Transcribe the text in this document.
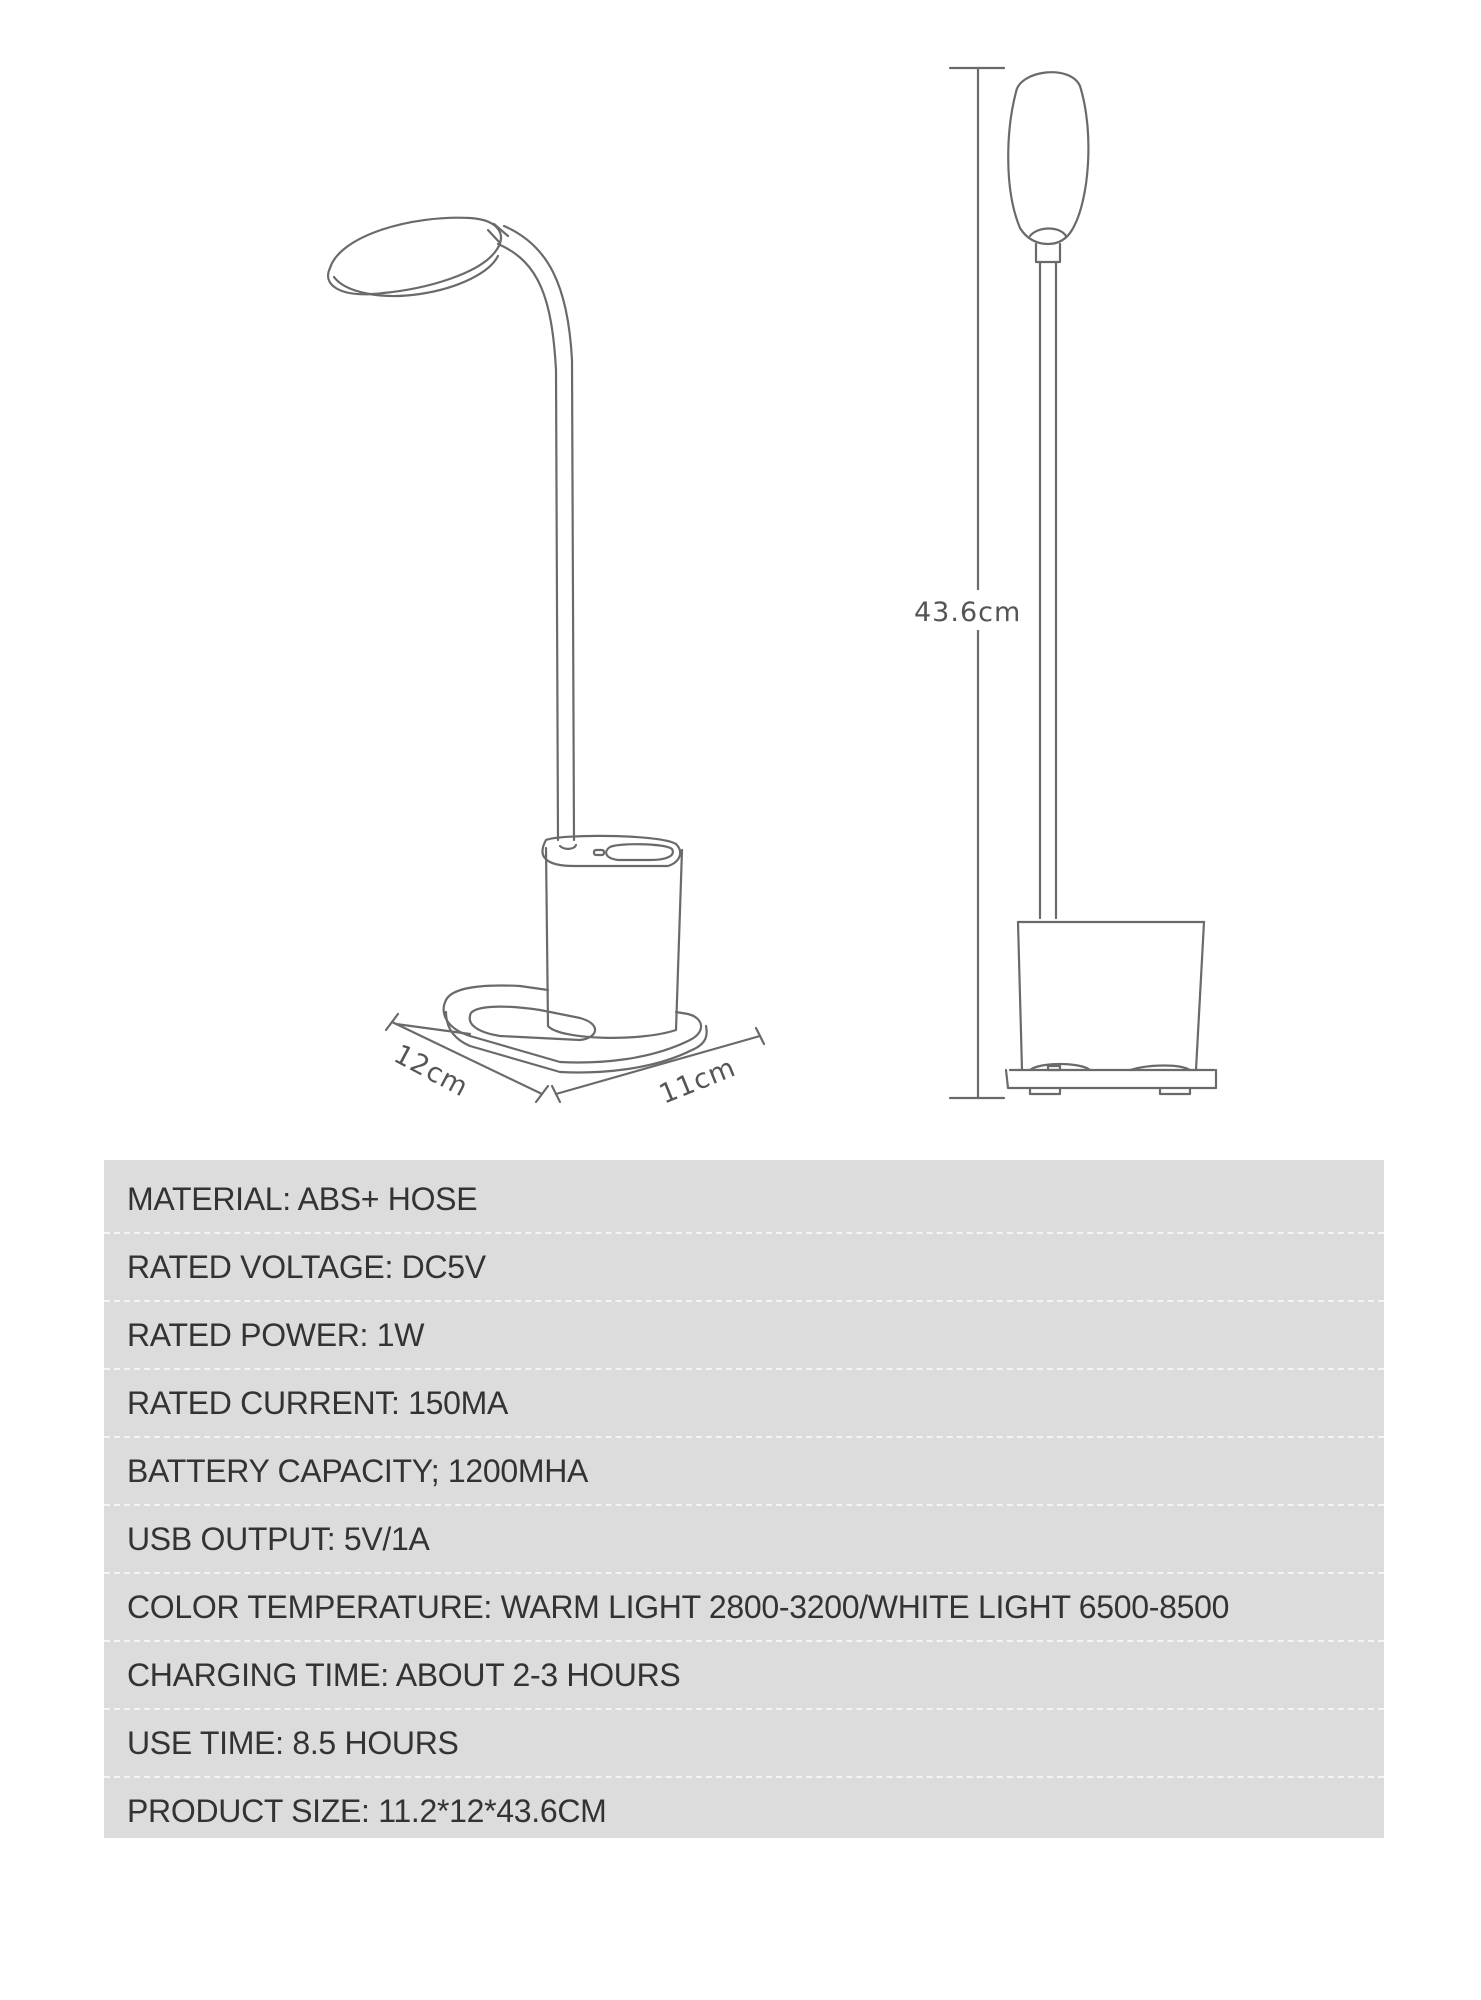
43.6cm
12cm	11cm
MATERIAL: ABS+ HOSE
RATED VOLTAGE: DC5V
RATED POWER: 1W
RATED CURRENT: 150MA
BATTERY CAPACITY; 1200MHA
USB OUTPUT: 5V/1A
COLOR TEMPERATURE: WARM LIGHT 2800-3200/WHITE LIGHT 6500-8500
CHARGING TIME: ABOUT 2-3 HOURS
USE TIME: 8.5 HOURS
PRODUCT SIZE: 11.2*12*43.6CM
